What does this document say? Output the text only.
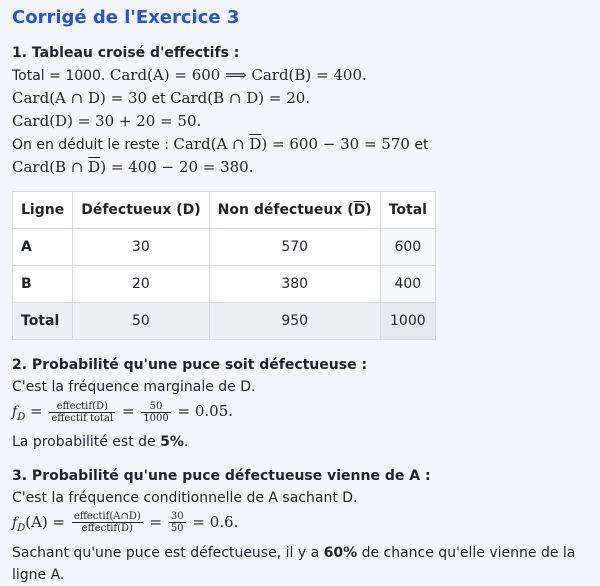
Corrigé de l'Exercice 3

1. Tableau croisé d'effectifs :

Total = 1000. Card(A) = 600 ⟹ Card(B) = 400.

Card(A ∩ D) = 30 et Card(B ∩ D) = 20.

Card(D) = 30 + 20 = 50.

On en déduit le reste : Card(A ∩ $\overline{D}) = 600 - 30 = 570$ et

Card(B ∩ $\overline{D}) = 400 - 20 = 380$.

Ligne	Défectueux (D)	Non défectueux $(\overline{D})$	Total
A	30	570	600
B	20	380	400
Total	50	950	1000

2. Probabilité qu'une puce soit défectueuse :

C'est la fréquence marginale de D.

$f_D = \frac{\text{effectif(D)}}{\text{effectif total}} = \frac{50}{1000} = 0.05$.

La probabilité est de 5%.

3. Probabilité qu'une puce défectueuse vienne de A :

C'est la fréquence conditionnelle de A sachant D.

$f_D(A) = \frac{\text{effectif(A∩D)}}{\text{effectif(D)}} = \frac{30}{50} = 0.6$.

Sachant qu'une puce est défectueuse, il y a 60% de chance qu'elle vienne de la

ligne A.
